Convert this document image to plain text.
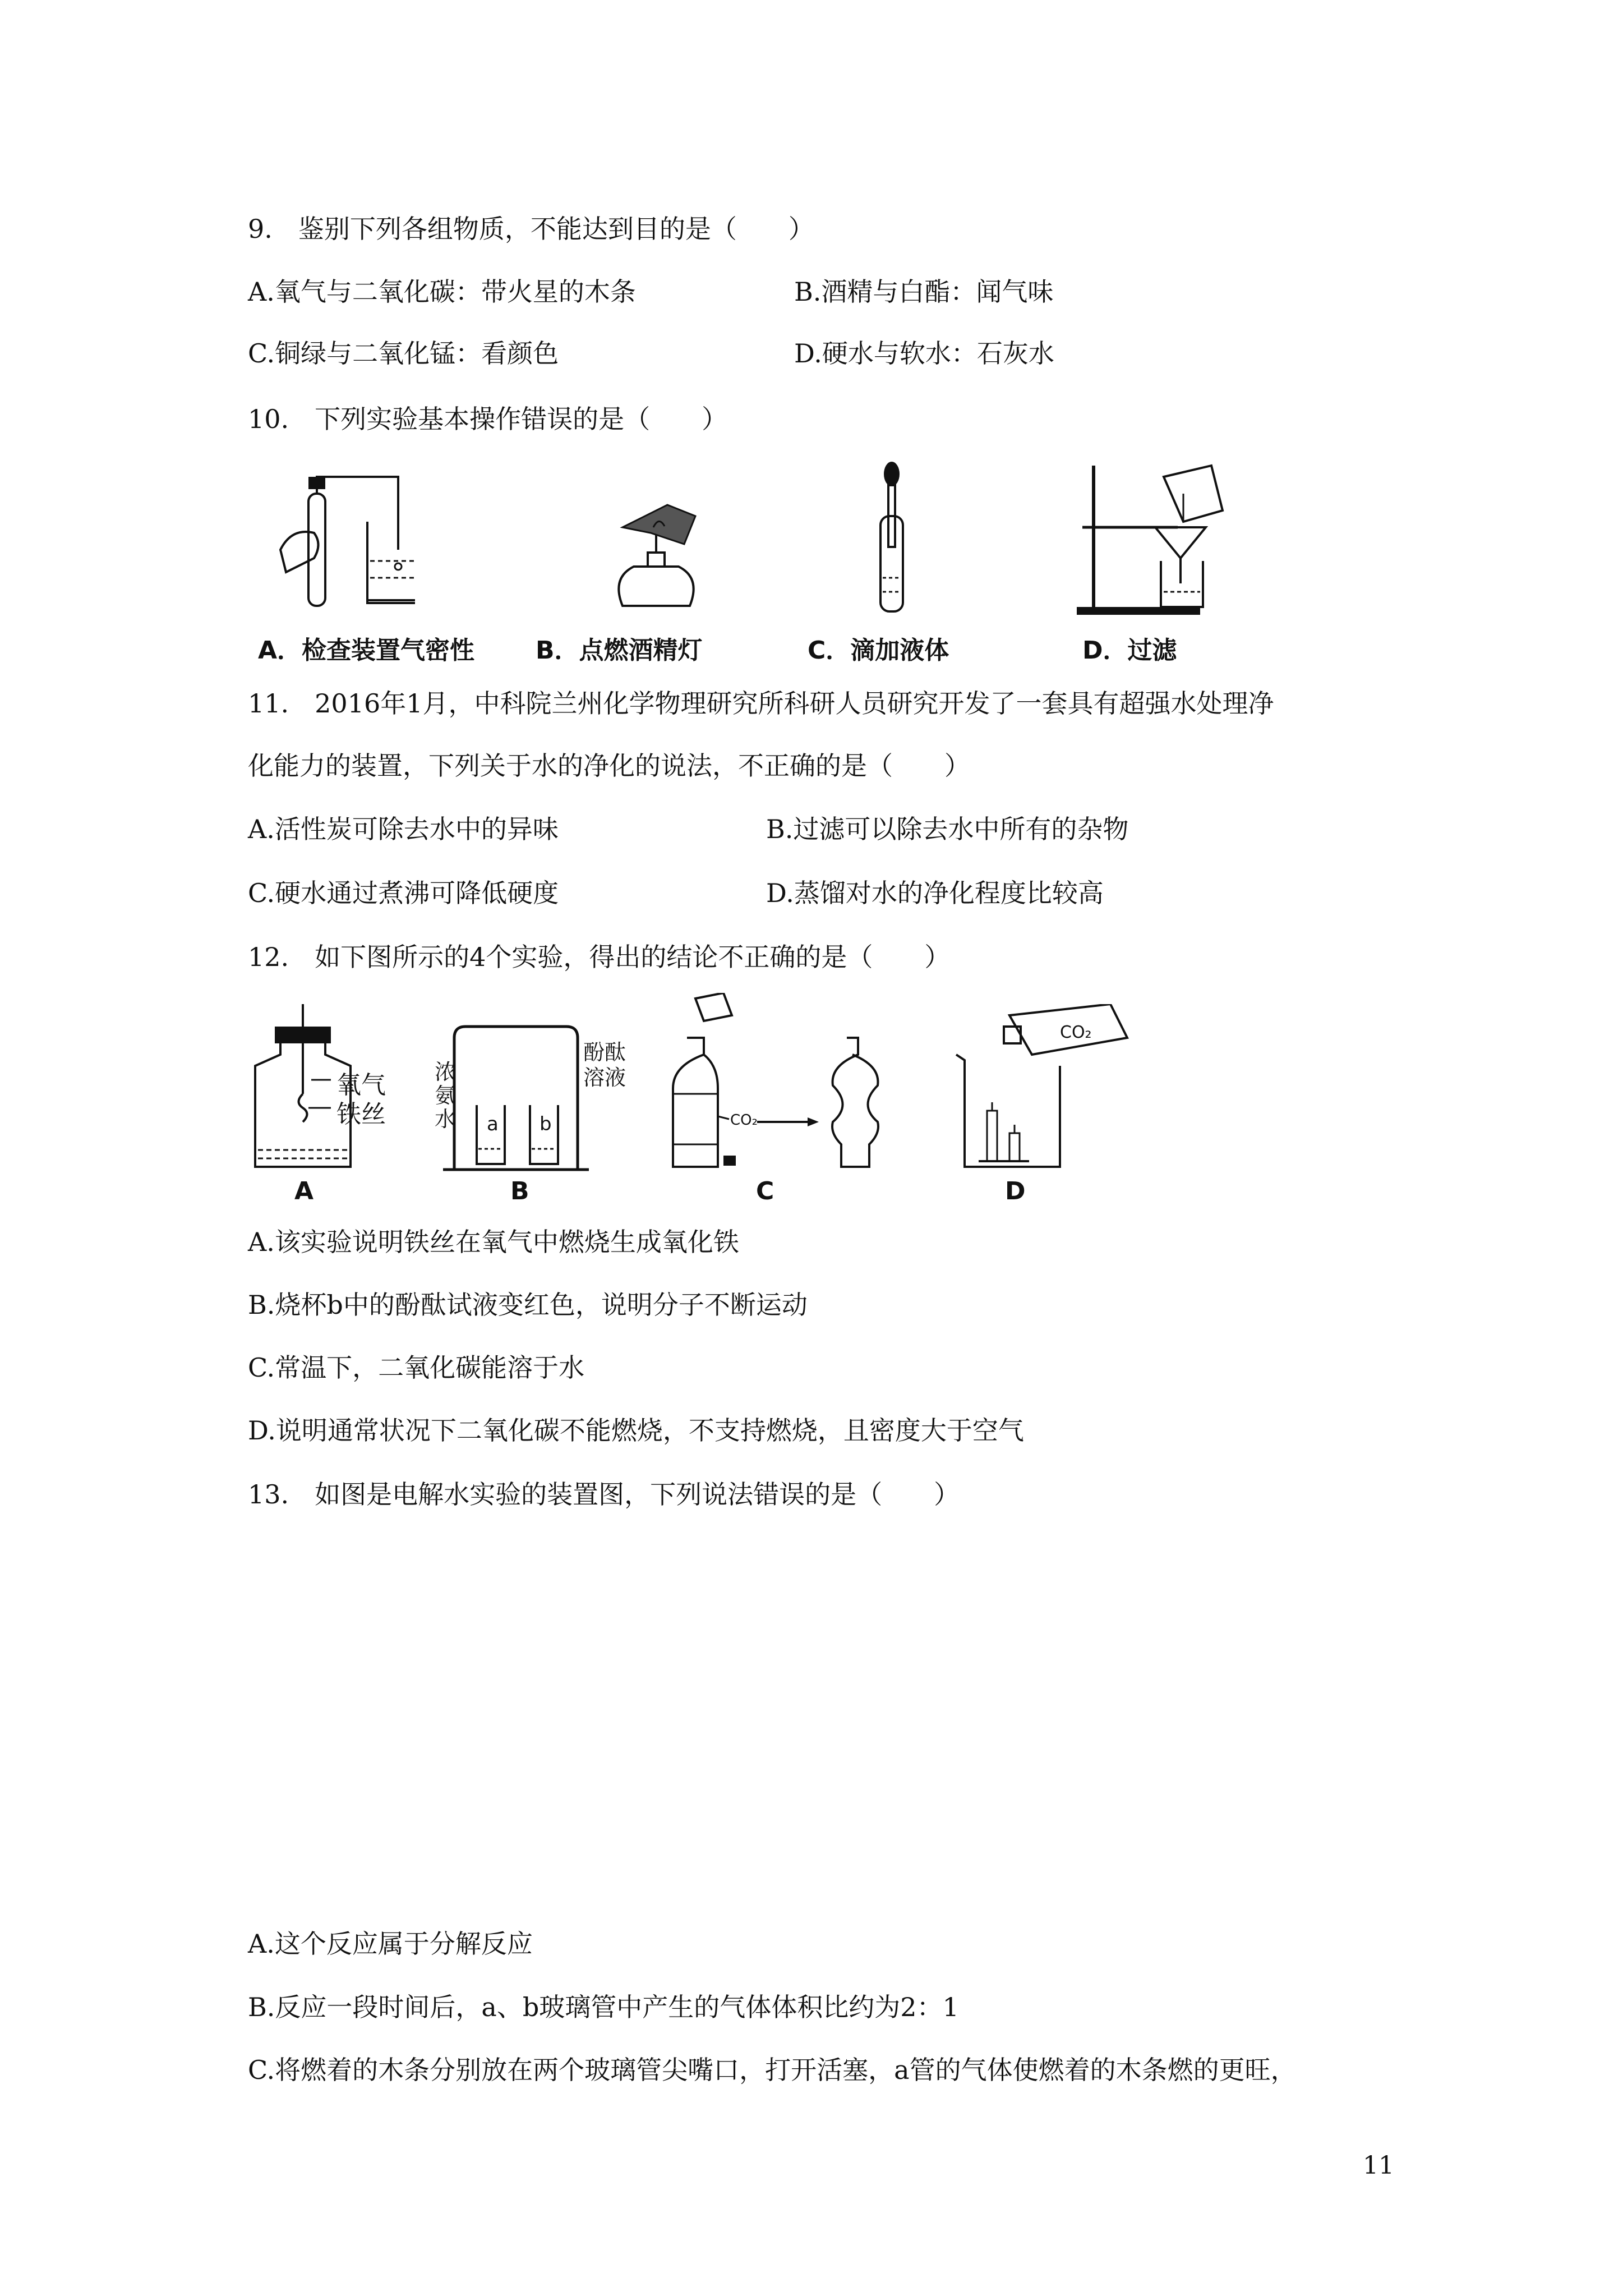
9.　鉴别下列各组物质，不能达到目的是（　　）
A.氧气与二氧化碳：带火星的木条	B.酒精与白酯：闻气味
C.铜绿与二氧化锰：看颜色	D.硬水与软水：石灰水
10.　下列实验基本操作错误的是（　　）
A．检查装置气密性 B．点燃酒精灯	C．滴加液体	D．过滤
11.　2016年1月，中科院兰州化学物理研究所科研人员研究开发了一套具有超强水处理净
化能力的装置，下列关于水的净化的说法，不正确的是（　　）
A.活性炭可除去水中的异味	B.过滤可以除去水中所有的杂物
C.硬水通过煮沸可降低硬度	D.蒸馏对水的净化程度比较高
12.　如下图所示的4个实验，得出的结论不正确的是（　　）
氧气
铁丝
A
a b
浓
氨
水
酚酞
溶液
B
CO₂
C
CO₂
D
A.该实验说明铁丝在氧气中燃烧生成氧化铁
B.烧杯b中的酚酞试液变红色，说明分子不断运动
C.常温下，二氧化碳能溶于水
D.说明通常状况下二氧化碳不能燃烧，不支持燃烧，且密度大于空气
13.　如图是电解水实验的装置图，下列说法错误的是（　　）
A.这个反应属于分解反应
B.反应一段时间后，a、b玻璃管中产生的气体体积比约为2：1
C.将燃着的木条分别放在两个玻璃管尖嘴口，打开活塞，a管的气体使燃着的木条燃的更旺，
11
